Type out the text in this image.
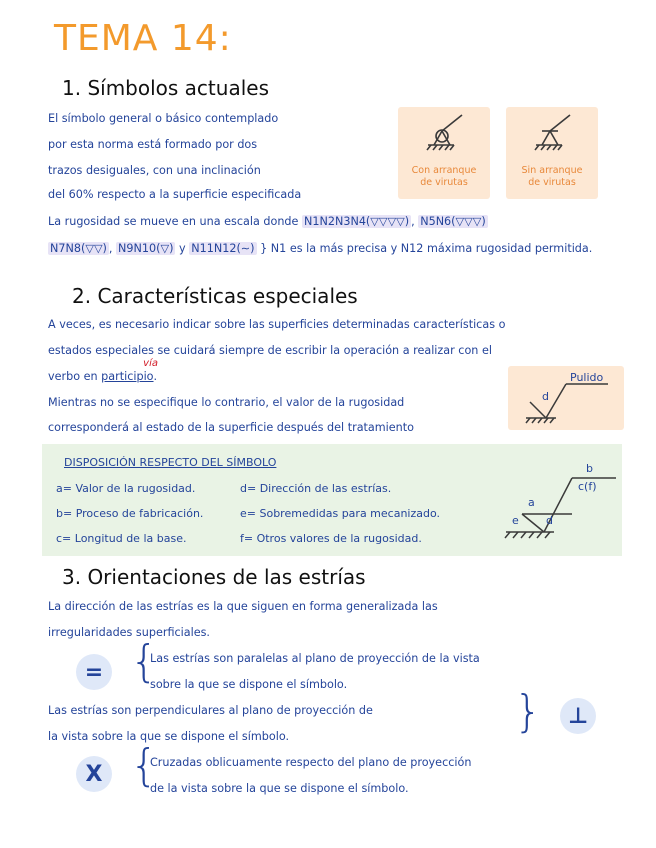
TEMA 14:
1. Símbolos actuales
El símbolo general o básico contemplado
por esta norma está formado por dos
trazos desiguales, con una inclinación
del 60% respecto a la superficie especificada
Con arranque
de virutas
Sin arranque
de virutas
La rugosidad se mueve en una escala donde N1N2N3N4(▽▽▽▽) , N5N6(▽▽▽)
N7N8(▽▽) , N9N10(▽) y N11N12(∼) } N1 es la más precisa y N12 máxima rugosidad permitida.
2. Características especiales
A veces, es necesario indicar sobre las superficies determinadas características o
estados especiales se cuidará siempre de escribir la operación a realizar con el
verbo en participio
vía
.
Mientras no se especifique lo contrario, el valor de la rugosidad
corresponderá al estado de la superficie después del tratamiento
Pulido
d
DISPOSICIÓN RESPECTO DEL SÍMBOLO
a= Valor de la rugosidad.
b= Proceso de fabricación.
c= Longitud de la base.
d= Dirección de las estrías.
e= Sobremedidas para mecanizado.
f= Otros valores de la rugosidad.
b
c(f)
a
e d
3. Orientaciones de las estrías
La dirección de las estrías es la que siguen en forma generalizada las
irregularidades superficiales.
= {
Las estrías son paralelas al plano de proyección de la vista
sobre la que se dispone el símbolo.
Las estrías son perpendiculares al plano de proyección de
la vista sobre la que se dispone el símbolo.	}	⊥
X {
Cruzadas oblicuamente respecto del plano de proyección
de la vista sobre la que se dispone el símbolo.
